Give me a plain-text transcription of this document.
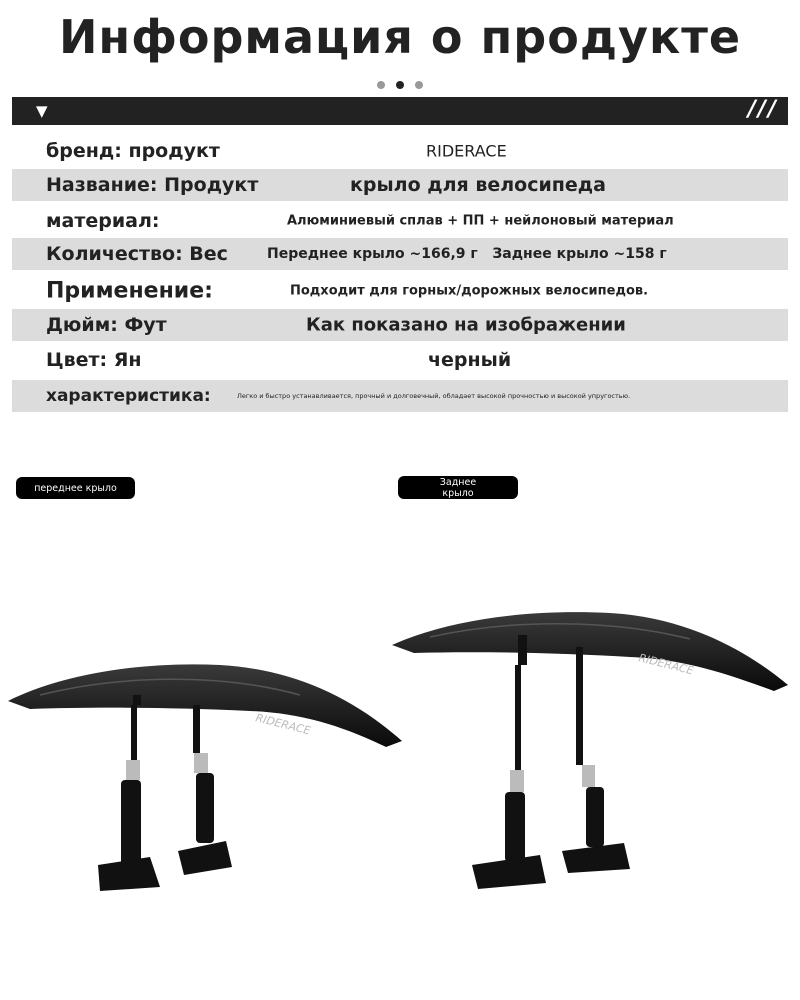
Информация о продукте

▼	///
бренд: продукт	RIDERACE
Название: Продукт	крыло для велосипеда
материал:	Алюминиевый сплав + ПП + нейлоновый материал
Количество: Вес	Переднее крыло ~166,9 г   Заднее крыло ~158 г
Применение:	Подходит для горных/дорожных велосипедов.
Дюйм: Фут	Как показано на изображении
Цвет: Ян	черный
характеристика:	Легко и быстро устанавливается, прочный и долговечный, обладает высокой прочностью и высокой упругостью.
переднее крыло
Заднее крыло
RIDERACE
RIDERACE
